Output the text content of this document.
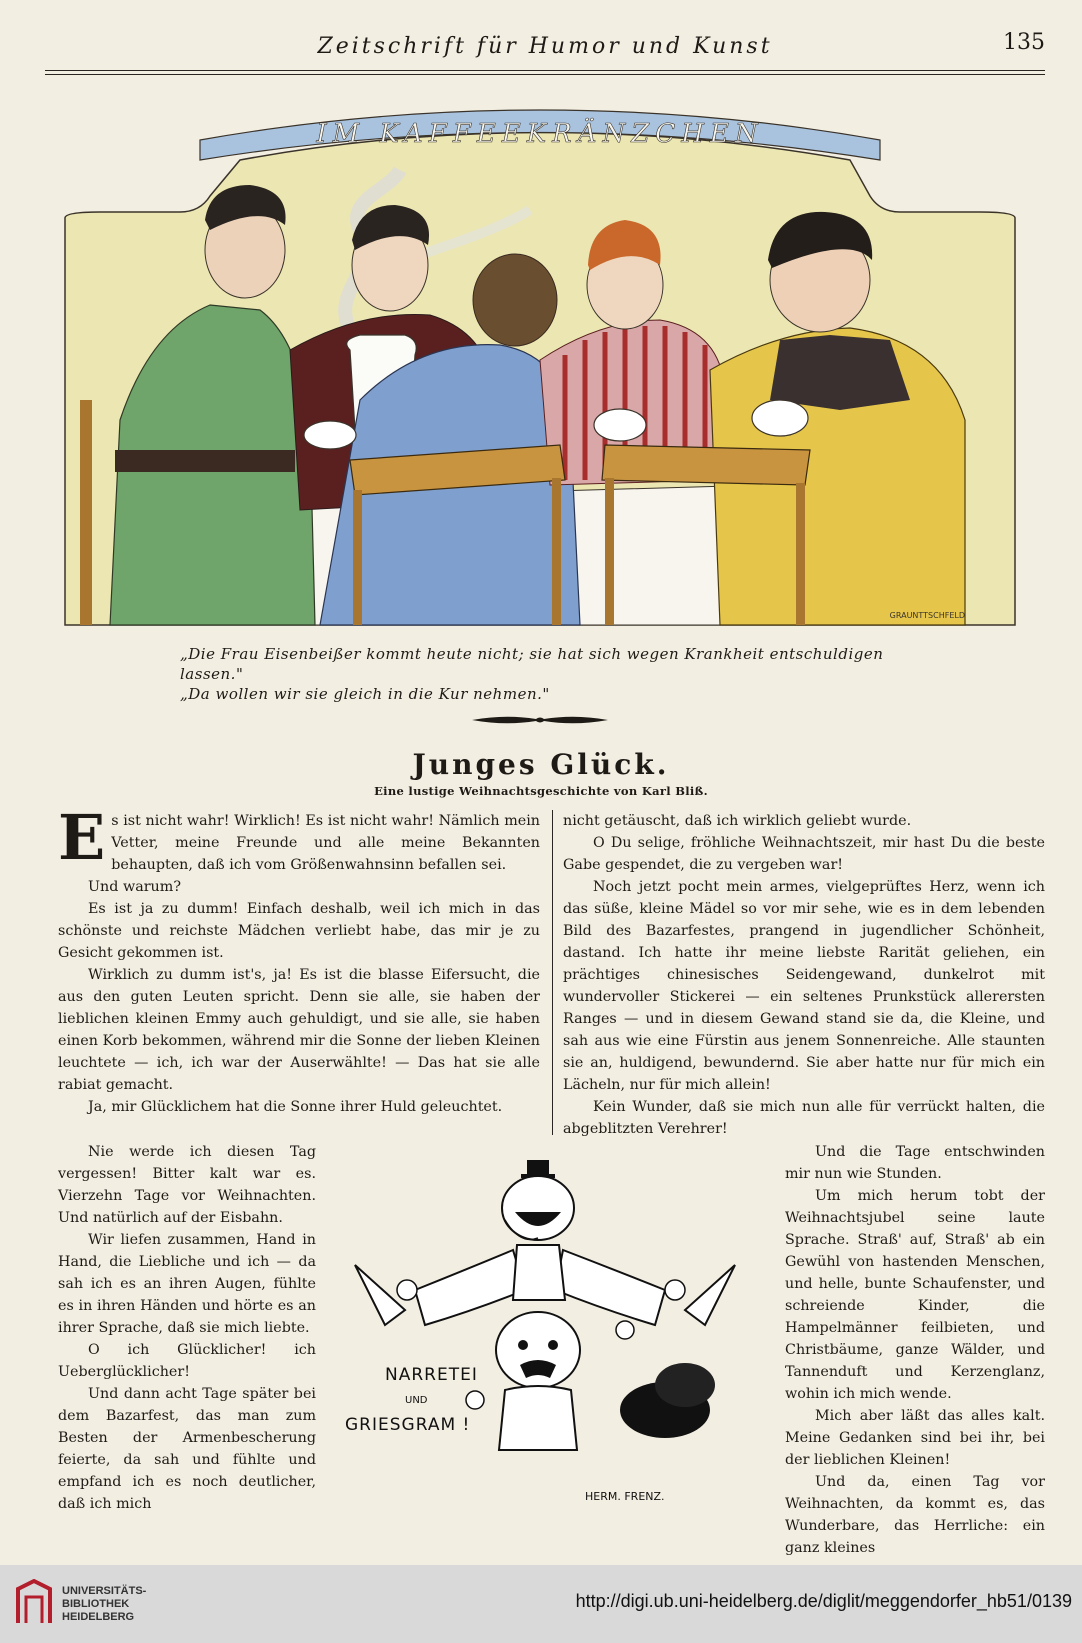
Zeitschrift für Humor und Kunst	135
IM KAFFEEKRÄNZCHEN
GRAUNTTSCHFELD
„Die Frau Eisenbeißer kommt heute nicht; sie hat sich wegen Krankheit entschuldigen lassen."
„Da wollen wir sie gleich in die Kur nehmen."
Junges Glück.
Eine lustige Weihnachtsgeschichte von Karl Bliß.

Es ist nicht wahr! Wirklich! Es ist nicht wahr! Nämlich mein Vetter, meine Freunde und alle meine Bekannten behaupten, daß ich vom Größenwahnsinn befallen sei.

Und warum?

Es ist ja zu dumm! Einfach deshalb, weil ich mich in das schönste und reichste Mädchen verliebt habe, das mir je zu Gesicht gekommen ist.

Wirklich zu dumm ist's, ja! Es ist die blasse Eifersucht, die aus den guten Leuten spricht. Denn sie alle, sie haben der lieblichen kleinen Emmy auch gehuldigt, und sie alle, sie haben einen Korb bekommen, während mir die Sonne der lieben Kleinen leuchtete — ich, ich war der Auserwählte! — Das hat sie alle rabiat gemacht.

Ja, mir Glücklichem hat die Sonne ihrer Huld geleuchtet.

Nie werde ich diesen Tag vergessen! Bitter kalt war es. Vierzehn Tage vor Weihnachten. Und natürlich auf der Eisbahn.

Wir liefen zusammen, Hand in Hand, die Liebliche und ich — da sah ich es an ihren Augen, fühlte es in ihren Händen und hörte es an ihrer Sprache, daß sie mich liebte.

O ich Glücklicher! ich Ueberglücklicher!

Und dann acht Tage später bei dem Bazarfest, das man zum Besten der Armenbescherung feierte, da sah und fühlte und empfand ich es noch deutlicher, daß ich mich

nicht getäuscht, daß ich wirklich geliebt wurde.

O Du selige, fröhliche Weihnachtszeit, mir hast Du die beste Gabe gespendet, die zu vergeben war!

Noch jetzt pocht mein armes, vielgeprüftes Herz, wenn ich das süße, kleine Mädel so vor mir sehe, wie es in dem lebenden Bild des Bazarfestes, prangend in jugendlicher Schönheit, dastand. Ich hatte ihr meine liebste Rarität geliehen, ein prächtiges chinesisches Seidengewand, dunkelrot mit wundervoller Stickerei — ein seltenes Prunkstück allerersten Ranges — und in diesem Gewand stand sie da, die Kleine, und sah aus wie eine Fürstin aus jenem Sonnenreiche. Alle staunten sie an, huldigend, bewundernd. Sie aber hatte nur für mich ein Lächeln, nur für mich allein!

Kein Wunder, daß sie mich nun alle für verrückt halten, die abgeblitzten Verehrer!

Und die Tage entschwinden mir nun wie Stunden.

Um mich herum tobt der Weihnachtsjubel seine laute Sprache. Straß' auf, Straß' ab ein Gewühl von hastenden Menschen, und helle, bunte Schaufenster, und schreiende Kinder, die Hampelmänner feilbieten, und Christbäume, ganze Wälder, und Tannenduft und Kerzenglanz, wohin ich mich wende.

Mich aber läßt das alles kalt. Meine Gedanken sind bei ihr, bei der lieblichen Kleinen!

Und da, einen Tag vor Weihnachten, da kommt es, das Wunderbare, das Herrliche: ein ganz kleines

NARRETEI
UND
GRIESGRAM !
HERM. FRENZ.
UNIVERSITÄTS-
BIBLIOTHEK
HEIDELBERG
http://digi.ub.uni-heidelberg.de/diglit/meggendorfer_hb51/0139
